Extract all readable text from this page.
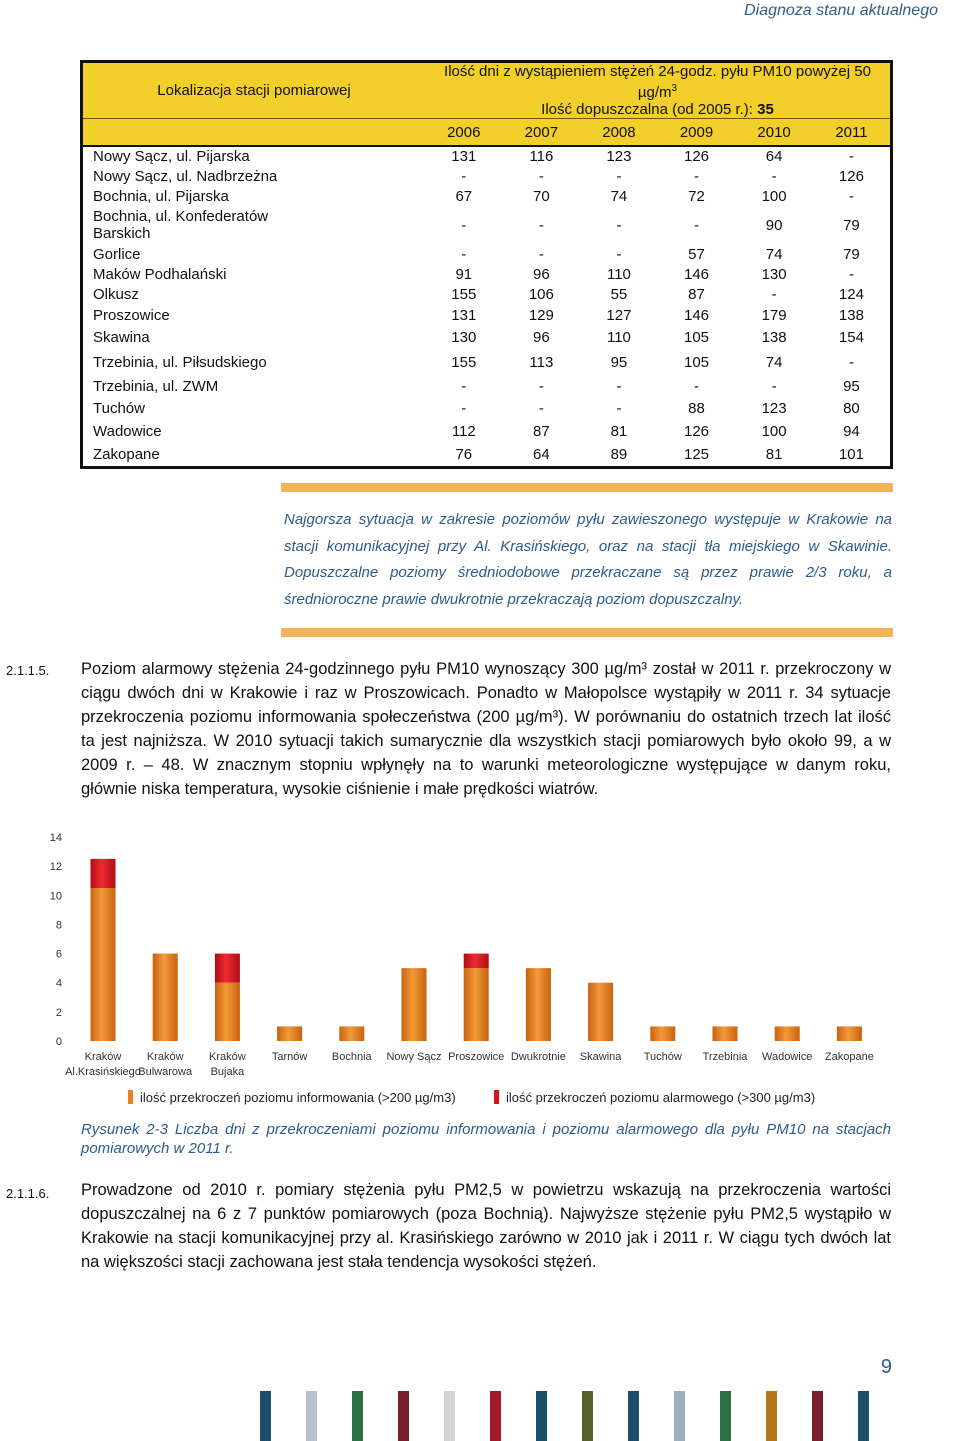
Diagnoza stanu aktualnego
Lokalizacja stacji pomiarowej	Ilość dni z wystąpieniem stężeń 24-godz. pyłu PM10 powyżej 50 $\mu g/m^3$
Ilość dopuszczalna (od 2005 r.): 35					

	2006	2007	2008	2009	2010	2011
Nowy Sącz, ul. Pijarska	131	116	123	126	64	-
Nowy Sącz, ul. Nadbrzeżna	-	-	-	-	-	126
Bochnia, ul. Pijarska	67	70	74	72	100	-
Bochnia, ul. Konfederatów Barskich	-	-	-	-	90	79
Gorlice	-	-	-	57	74	79
Maków Podhalański	91	96	110	146	130	-
Olkusz	155	106	55	87	-	124
Proszowice	131	129	127	146	179	138
Skawina	130	96	110	105	138	154
Trzebinia, ul. Piłsudskiego	155	113	95	105	74	-
Trzebinia, ul. ZWM	-	-	-	-	-	95
Tuchów	-	-	-	88	123	80
Wadowice	112	87	81	126	100	94
Zakopane	76	64	89	125	81	101
Najgorsza sytuacja w zakresie poziomów pyłu zawieszonego występuje w Krakowie na stacji komunikacyjnej przy Al. Krasińskiego, oraz na stacji tła miejskiego w Skawinie. Dopuszczalne poziomy średniodobowe przekraczane są przez prawie 2/3 roku, a średnioroczne prawie dwukrotnie przekraczają poziom dopuszczalny.
2.1.1.5. Poziom alarmowy stężenia 24-godzinnego pyłu PM10 wynoszący 300 µg/m³ został w 2011 r. przekroczony w ciągu dwóch dni w Krakowie i raz w Proszowicach. Ponadto w Małopolsce wystąpiły w 2011 r. 34 sytuacje przekroczenia poziomu informowania społeczeństwa (200 µg/m³). W porównaniu do ostatnich trzech lat ilość ta jest najniższa. W 2010 sytuacji takich sumarycznie dla wszystkich stacji pomiarowych było około 99, a w 2009 r. – 48. W znacznym stopniu wpłynęły na to warunki meteorologiczne występujące w danym roku, głównie niska temperatura, wysokie ciśnienie i małe prędkości wiatrów.
0
2
4
6
8
10
12
14
Kraków
Al.Krasińskiego
Kraków
Bulwarowa
Kraków
Bujaka
Tarnów Bochnia Nowy Sącz Proszowice Dwukrotnie Skawina Tuchów Trzebinia Wadowice Zakopane
ilość przekroczeń poziomu informowania (>200 µg/m3)	ilość przekroczeń poziomu alarmowego (>300 µg/m3)
Rysunek 2-3 Liczba dni z przekroczeniami poziomu informowania i poziomu alarmowego dla pyłu PM10 na stacjach pomiarowych w 2011 r.
2.1.1.6. Prowadzone od 2010 r. pomiary stężenia pyłu PM2,5 w powietrzu wskazują na przekroczenia wartości dopuszczalnej na 6 z 7 punktów pomiarowych (poza Bochnią). Najwyższe stężenie pyłu PM2,5 wystąpiło w Krakowie na stacji komunikacyjnej przy al. Krasińskiego zarówno w 2010 jak i 2011 r. W ciągu tych dwóch lat na większości stacji zachowana jest stała tendencja wysokości stężeń.
9
